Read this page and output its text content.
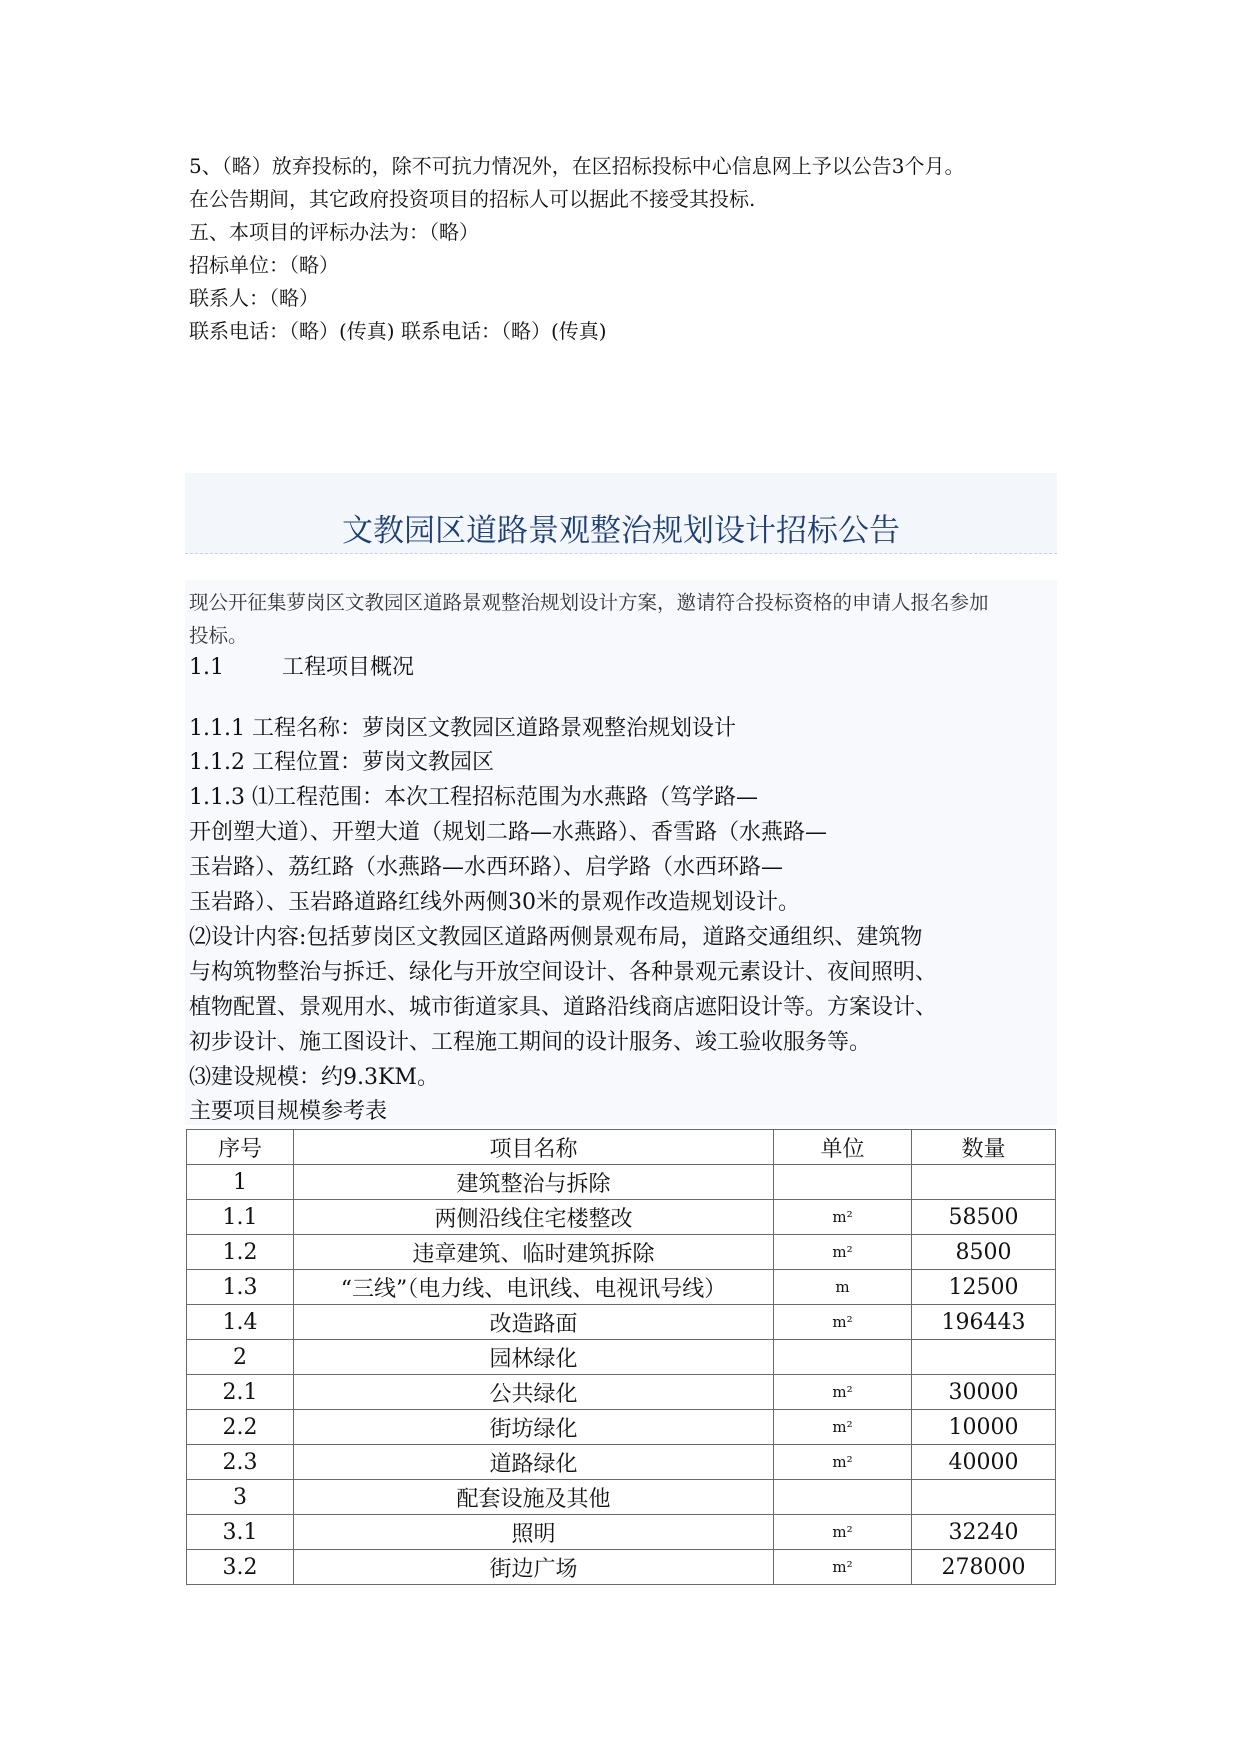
5、（略）放弃投标的，除不可抗力情况外，在区招标投标中心信息网上予以公告3个月。
在公告期间，其它政府投资项目的招标人可以据此不接受其投标.
五、本项目的评标办法为：（略）
招标单位：（略）
联系人：（略）
联系电话：（略）(传真) 联系电话：（略）(传真)
文教园区道路景观整治规划设计招标公告
现公开征集萝岗区文教园区道路景观整治规划设计方案，邀请符合投标资格的申请人报名参加
投标。
1.1	工程项目概况
1.1.1 工程名称：萝岗区文教园区道路景观整治规划设计
1.1.2 工程位置：萝岗文教园区
1.1.3 ⑴工程范围：本次工程招标范围为水燕路（笃学路—
开创塑大道）、开塑大道（规划二路—水燕路）、香雪路（水燕路—
玉岩路）、荔红路（水燕路—水西环路）、启学路（水西环路—
玉岩路）、玉岩路道路红线外两侧30米的景观作改造规划设计。
⑵设计内容:包括萝岗区文教园区道路两侧景观布局，道路交通组织、建筑物
与构筑物整治与拆迁、绿化与开放空间设计、各种景观元素设计、夜间照明、
植物配置、景观用水、城市街道家具、道路沿线商店遮阳设计等。方案设计、
初步设计、施工图设计、工程施工期间的设计服务、竣工验收服务等。
⑶建设规模：约9.3KM。
主要项目规模参考表
序号	项目名称	单位	数量
1	建筑整治与拆除		
1.1	两侧沿线住宅楼整改	m²	58500
1.2	违章建筑、临时建筑拆除	m²	8500
1.3	“三线”（电力线、电讯线、电视讯号线）	m	12500
1.4	改造路面	m²	196443
2	园林绿化		
2.1	公共绿化	m²	30000
2.2	街坊绿化	m²	10000
2.3	道路绿化	m²	40000
3	配套设施及其他		
3.1	照明	m²	32240
3.2	街边广场	m²	278000
